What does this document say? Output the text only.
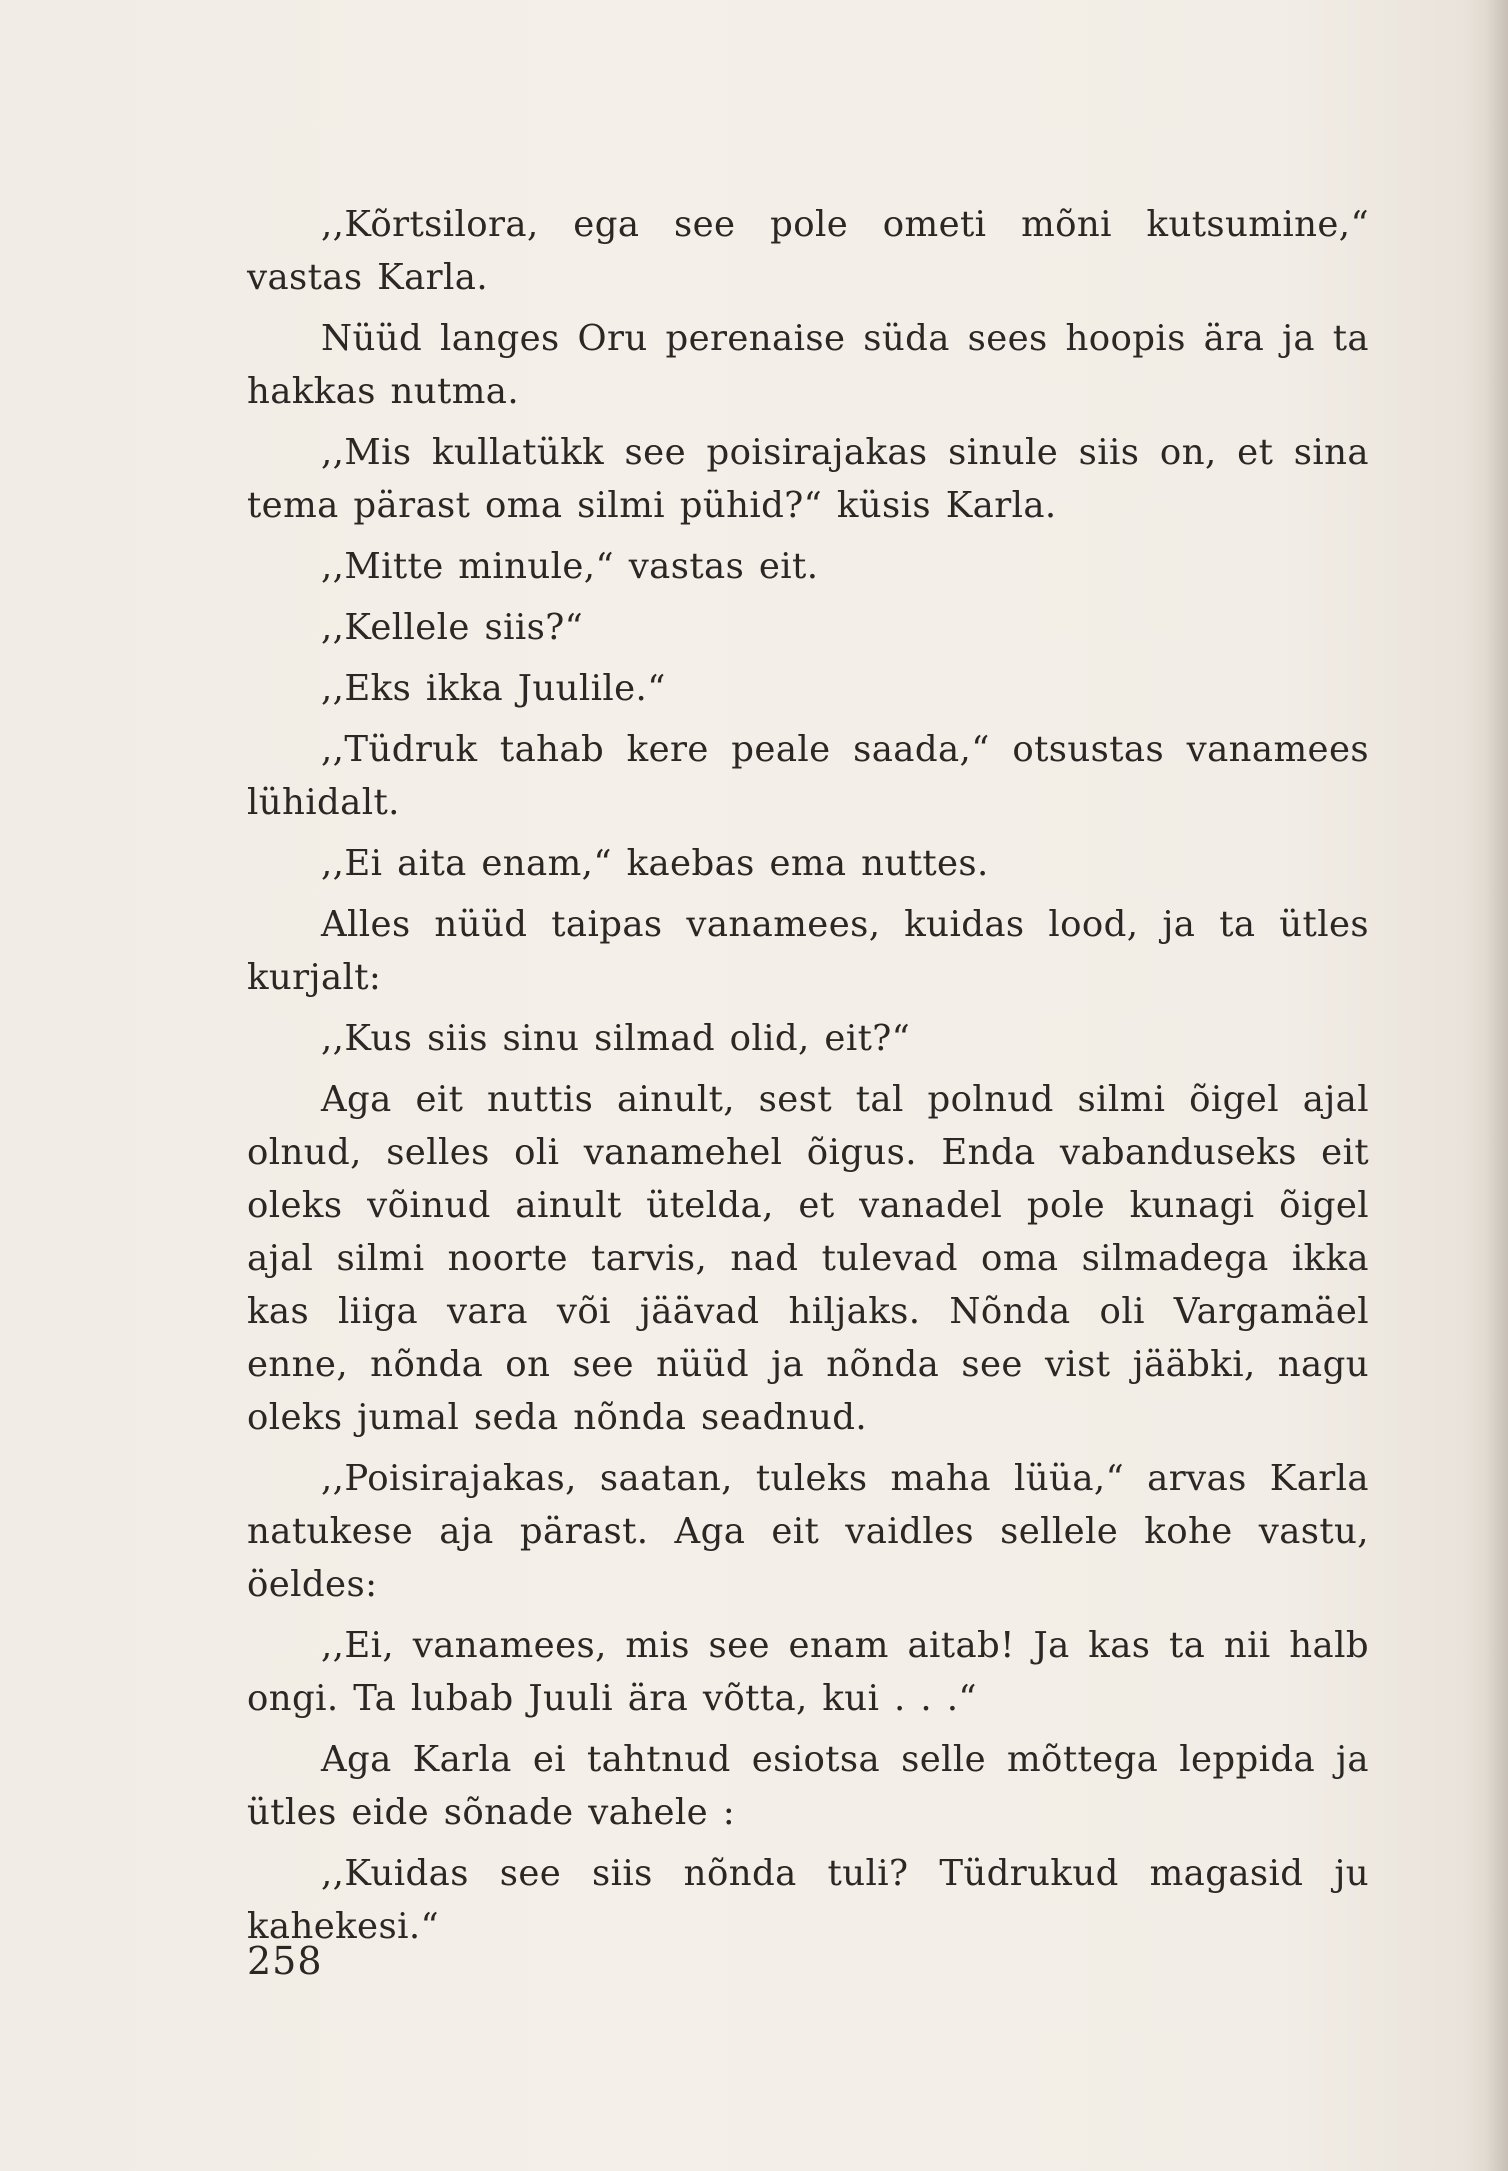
,,Kõrtsilora, ega see pole ometi mõni kutsumine,“ vastas Karla.

Nüüd langes Oru perenaise süda sees hoopis ära ja ta hakkas nutma.

,,Mis kullatükk see poisirajakas sinule siis on, et sina tema pärast oma silmi pühid?“ küsis Karla.

,,Mitte minule,“ vastas eit.

,,Kellele siis?“

,,Eks ikka Juulile.“

,,Tüdruk tahab kere peale saada,“ otsustas vanamees lühidalt.

,,Ei aita enam,“ kaebas ema nuttes.

Alles nüüd taipas vanamees, kuidas lood, ja ta ütles kurjalt:

,,Kus siis sinu silmad olid, eit?“

Aga eit nuttis ainult, sest tal polnud silmi õigel ajal olnud, selles oli vanamehel õigus. Enda vabanduseks eit oleks võinud ainult ütelda, et vanadel pole kunagi õigel ajal silmi noorte tarvis, nad tulevad oma silmadega ikka kas liiga vara või jäävad hiljaks. Nõnda oli Vargamäel enne, nõnda on see nüüd ja nõnda see vist jääbki, nagu oleks jumal seda nõnda seadnud.

,,Poisirajakas, saatan, tuleks maha lüüa,“ arvas Karla natukese aja pärast. Aga eit vaidles sellele kohe vastu, öeldes:

,,Ei, vanamees, mis see enam aitab! Ja kas ta nii halb ongi. Ta lubab Juuli ära võtta, kui . . .“

Aga Karla ei tahtnud esiotsa selle mõttega leppida ja ütles eide sõnade vahele :

,,Kuidas see siis nõnda tuli? Tüdrukud magasid ju kahekesi.“

258
